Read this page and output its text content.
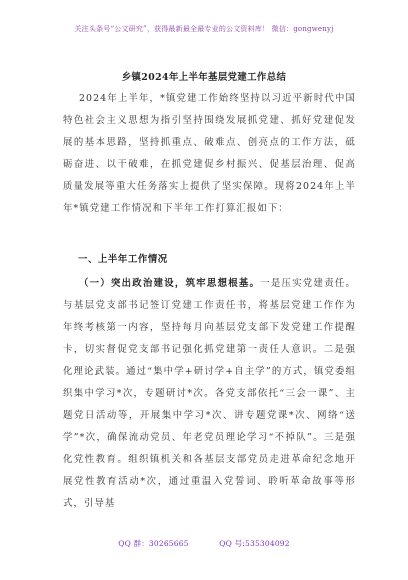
关注头条号“公文研究”，获得最新最全最专业的公文资料库！ 微信：gongwenyj
乡镇2024年上半年基层党建工作总结
2024年上半年，*镇党建工作始终坚持以习近平新时代中国特色社会主义思想为指引坚持围绕发展抓党建、抓好党建促发展的基本思路，坚持抓重点、破难点、创亮点的工作方法，砥砺奋进、以干破难，在抓党建促乡村振兴、促基层治理、促高质量发展等重大任务落实上提供了坚实保障。现将2024年上半年*镇党建工作情况和下半年工作打算汇报如下：
一、上半年工作情况
（一）突出政治建设，筑牢思想根基。一是压实党建责任。与基层党支部书记签订党建工作责任书，将基层党建工作作为年终考核第一内容，坚持每月向基层党支部下发党建工作提醒卡，切实督促党支部书记强化抓党建第一责任人意识。二是强化理论武装。通过“集中学+研讨学+自主学”的方式，镇党委组织集中学习*次，专题研讨*次。各党支部依托“三会一课”、主题党日活动等，开展集中学习*次、讲专题党课*次、网络“送学”*次，确保流动党员、年老党员理论学习“不掉队”。三是强化党性教育。组织镇机关和各基层支部党员走进革命纪念地开展党性教育活动*次，通过重温入党誓词、聆听革命故事等形式，引导基
QQ 群：30265665	QQ 号:535304092
